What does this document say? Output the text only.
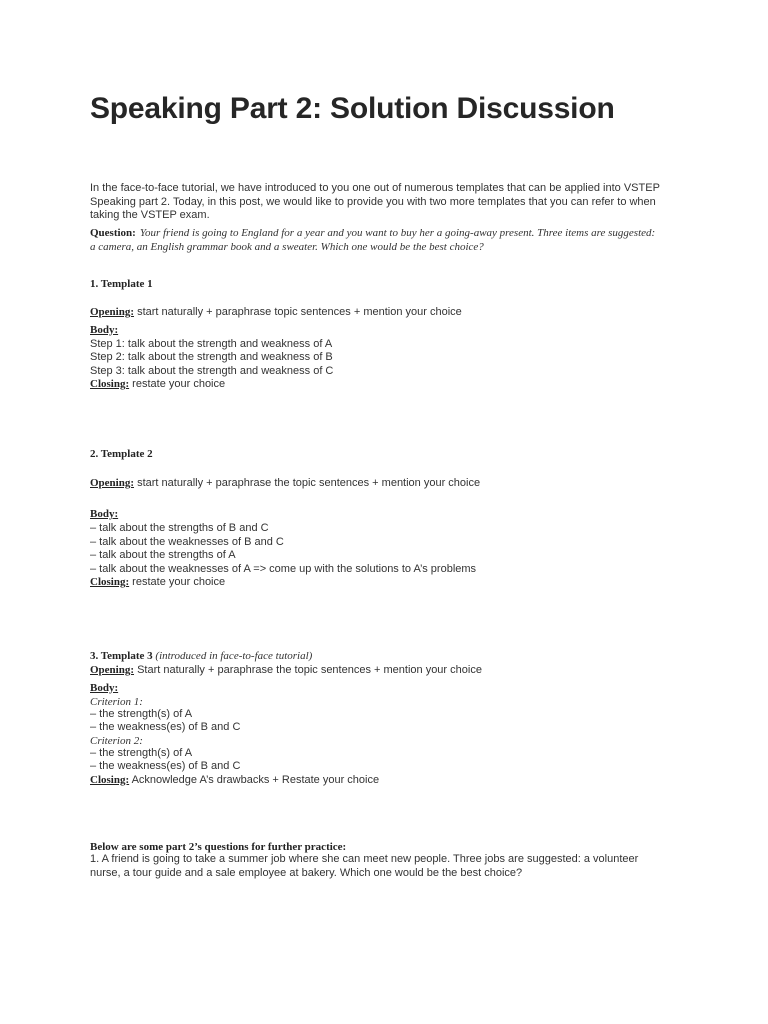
Speaking Part 2: Solution Discussion
In the face-to-face tutorial, we have introduced to you one out of numerous templates that can be applied into VSTEP
Speaking part 2. Today, in this post, we would like to provide you with two more templates that you can refer to when
taking the VSTEP exam.
Question: Your friend is going to England for a year and you want to buy her a going-away present. Three items are suggested:
a camera, an English grammar book and a sweater. Which one would be the best choice?
1. Template 1
Opening: start naturally + paraphrase topic sentences + mention your choice
Body:
Step 1: talk about the strength and weakness of A
Step 2: talk about the strength and weakness of B
Step 3: talk about the strength and weakness of C
Closing: restate your choice
2. Template 2
Opening: start naturally + paraphrase the topic sentences + mention your choice
Body:
– talk about the strengths of B and C
– talk about the weaknesses of B and C
– talk about the strengths of A
– talk about the weaknesses of A => come up with the solutions to A’s problems
Closing: restate your choice
3. Template 3 (introduced in face-to-face tutorial)
Opening: Start naturally + paraphrase the topic sentences + mention your choice
Body:
Criterion 1:
– the strength(s) of A
– the weakness(es) of B and C
Criterion 2:
– the strength(s) of A
– the weakness(es) of B and C
Closing: Acknowledge A’s drawbacks + Restate your choice
Below are some part 2’s questions for further practice:
1. A friend is going to take a summer job where she can meet new people. Three jobs are suggested: a volunteer
nurse, a tour guide and a sale employee at bakery. Which one would be the best choice?
